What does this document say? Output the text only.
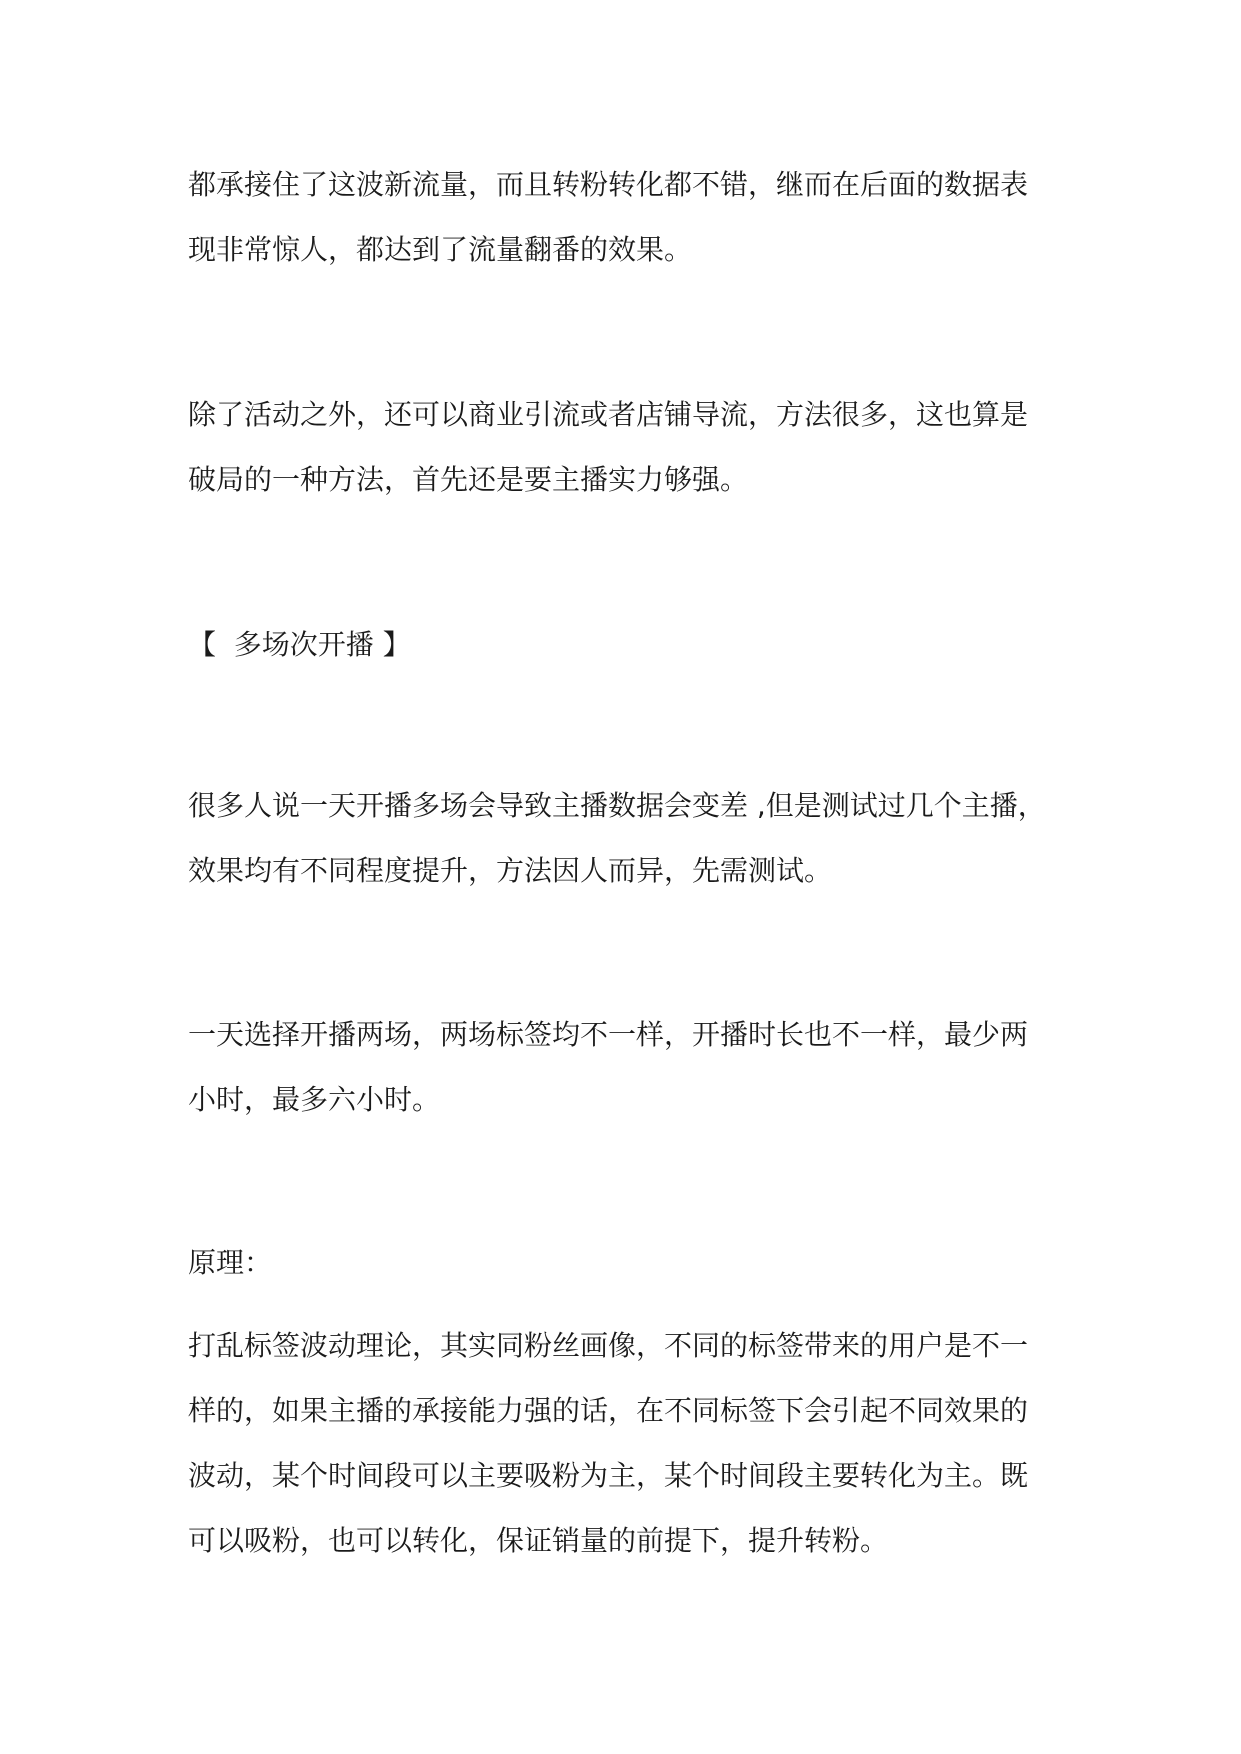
都承接住了这波新流量，而且转粉转化都不错，继而在后面的数据表
现非常惊人，都达到了流量翻番的效果。
除了活动之外，还可以商业引流或者店铺导流，方法很多，这也算是
破局的一种方法，首先还是要主播实力够强。
【  多场次开播 】
很多人说一天开播多场会导致主播数据会变差 ,但是测试过几个主播，
效果均有不同程度提升，方法因人而异，先需测试。
一天选择开播两场，两场标签均不一样，开播时长也不一样，最少两
小时，最多六小时。
原理：
打乱标签波动理论，其实同粉丝画像，不同的标签带来的用户是不一
样的，如果主播的承接能力强的话，在不同标签下会引起不同效果的
波动，某个时间段可以主要吸粉为主，某个时间段主要转化为主。既
可以吸粉，也可以转化，保证销量的前提下，提升转粉。
